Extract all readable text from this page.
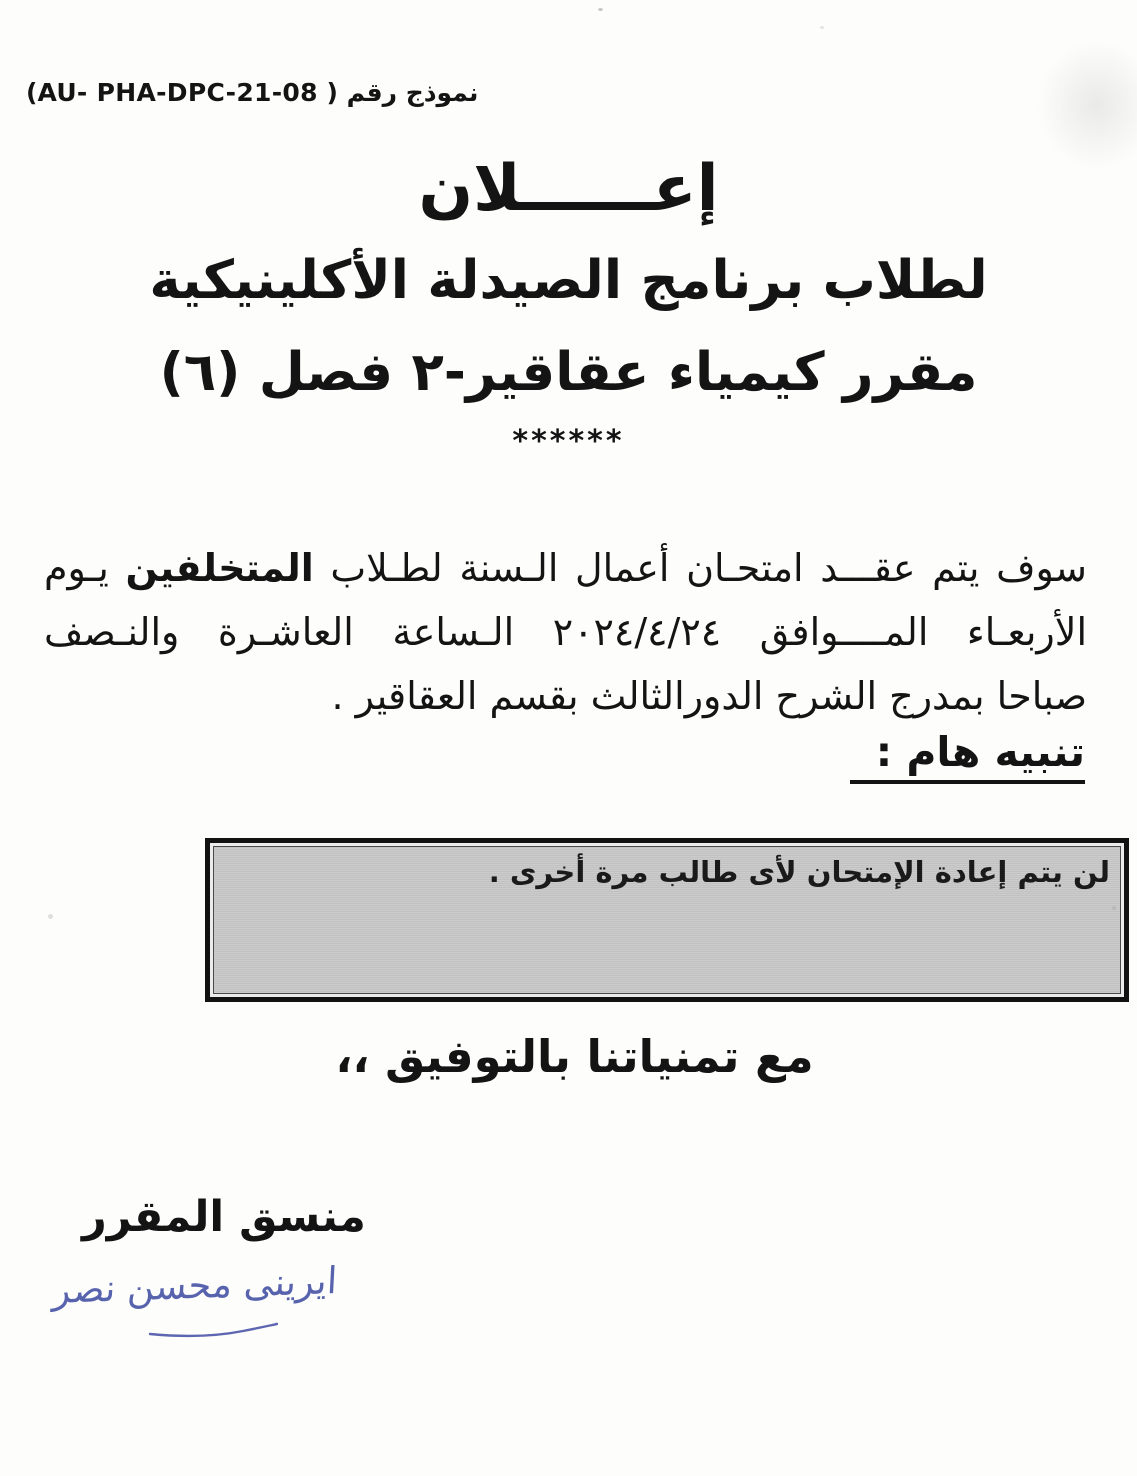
نموذج رقم ( AU- PHA-DPC-21-08)
إعــــــلان
لطلاب برنامج الصيدلة الأكلينيكية
مقرر كيمياء عقاقير-٢ فصل (٦)
******
سوف يتم عقـــد امتحـان أعمال الـسنة لطـلاب المتخلفين يـوم
الأربعـاء المــــوافق ٢٠٢٤/٤/٢٤ الـساعة العاشـرة والنـصف
صباحا بمدرج الشرح الدورالثالث بقسم العقاقير .
تنبيه هام :
لن يتم إعادة الإمتحان لأى طالب مرة أخرى .
مع تمنياتنا بالتوفيق ،،
منسق المقرر
ايرينى محسن نصر
